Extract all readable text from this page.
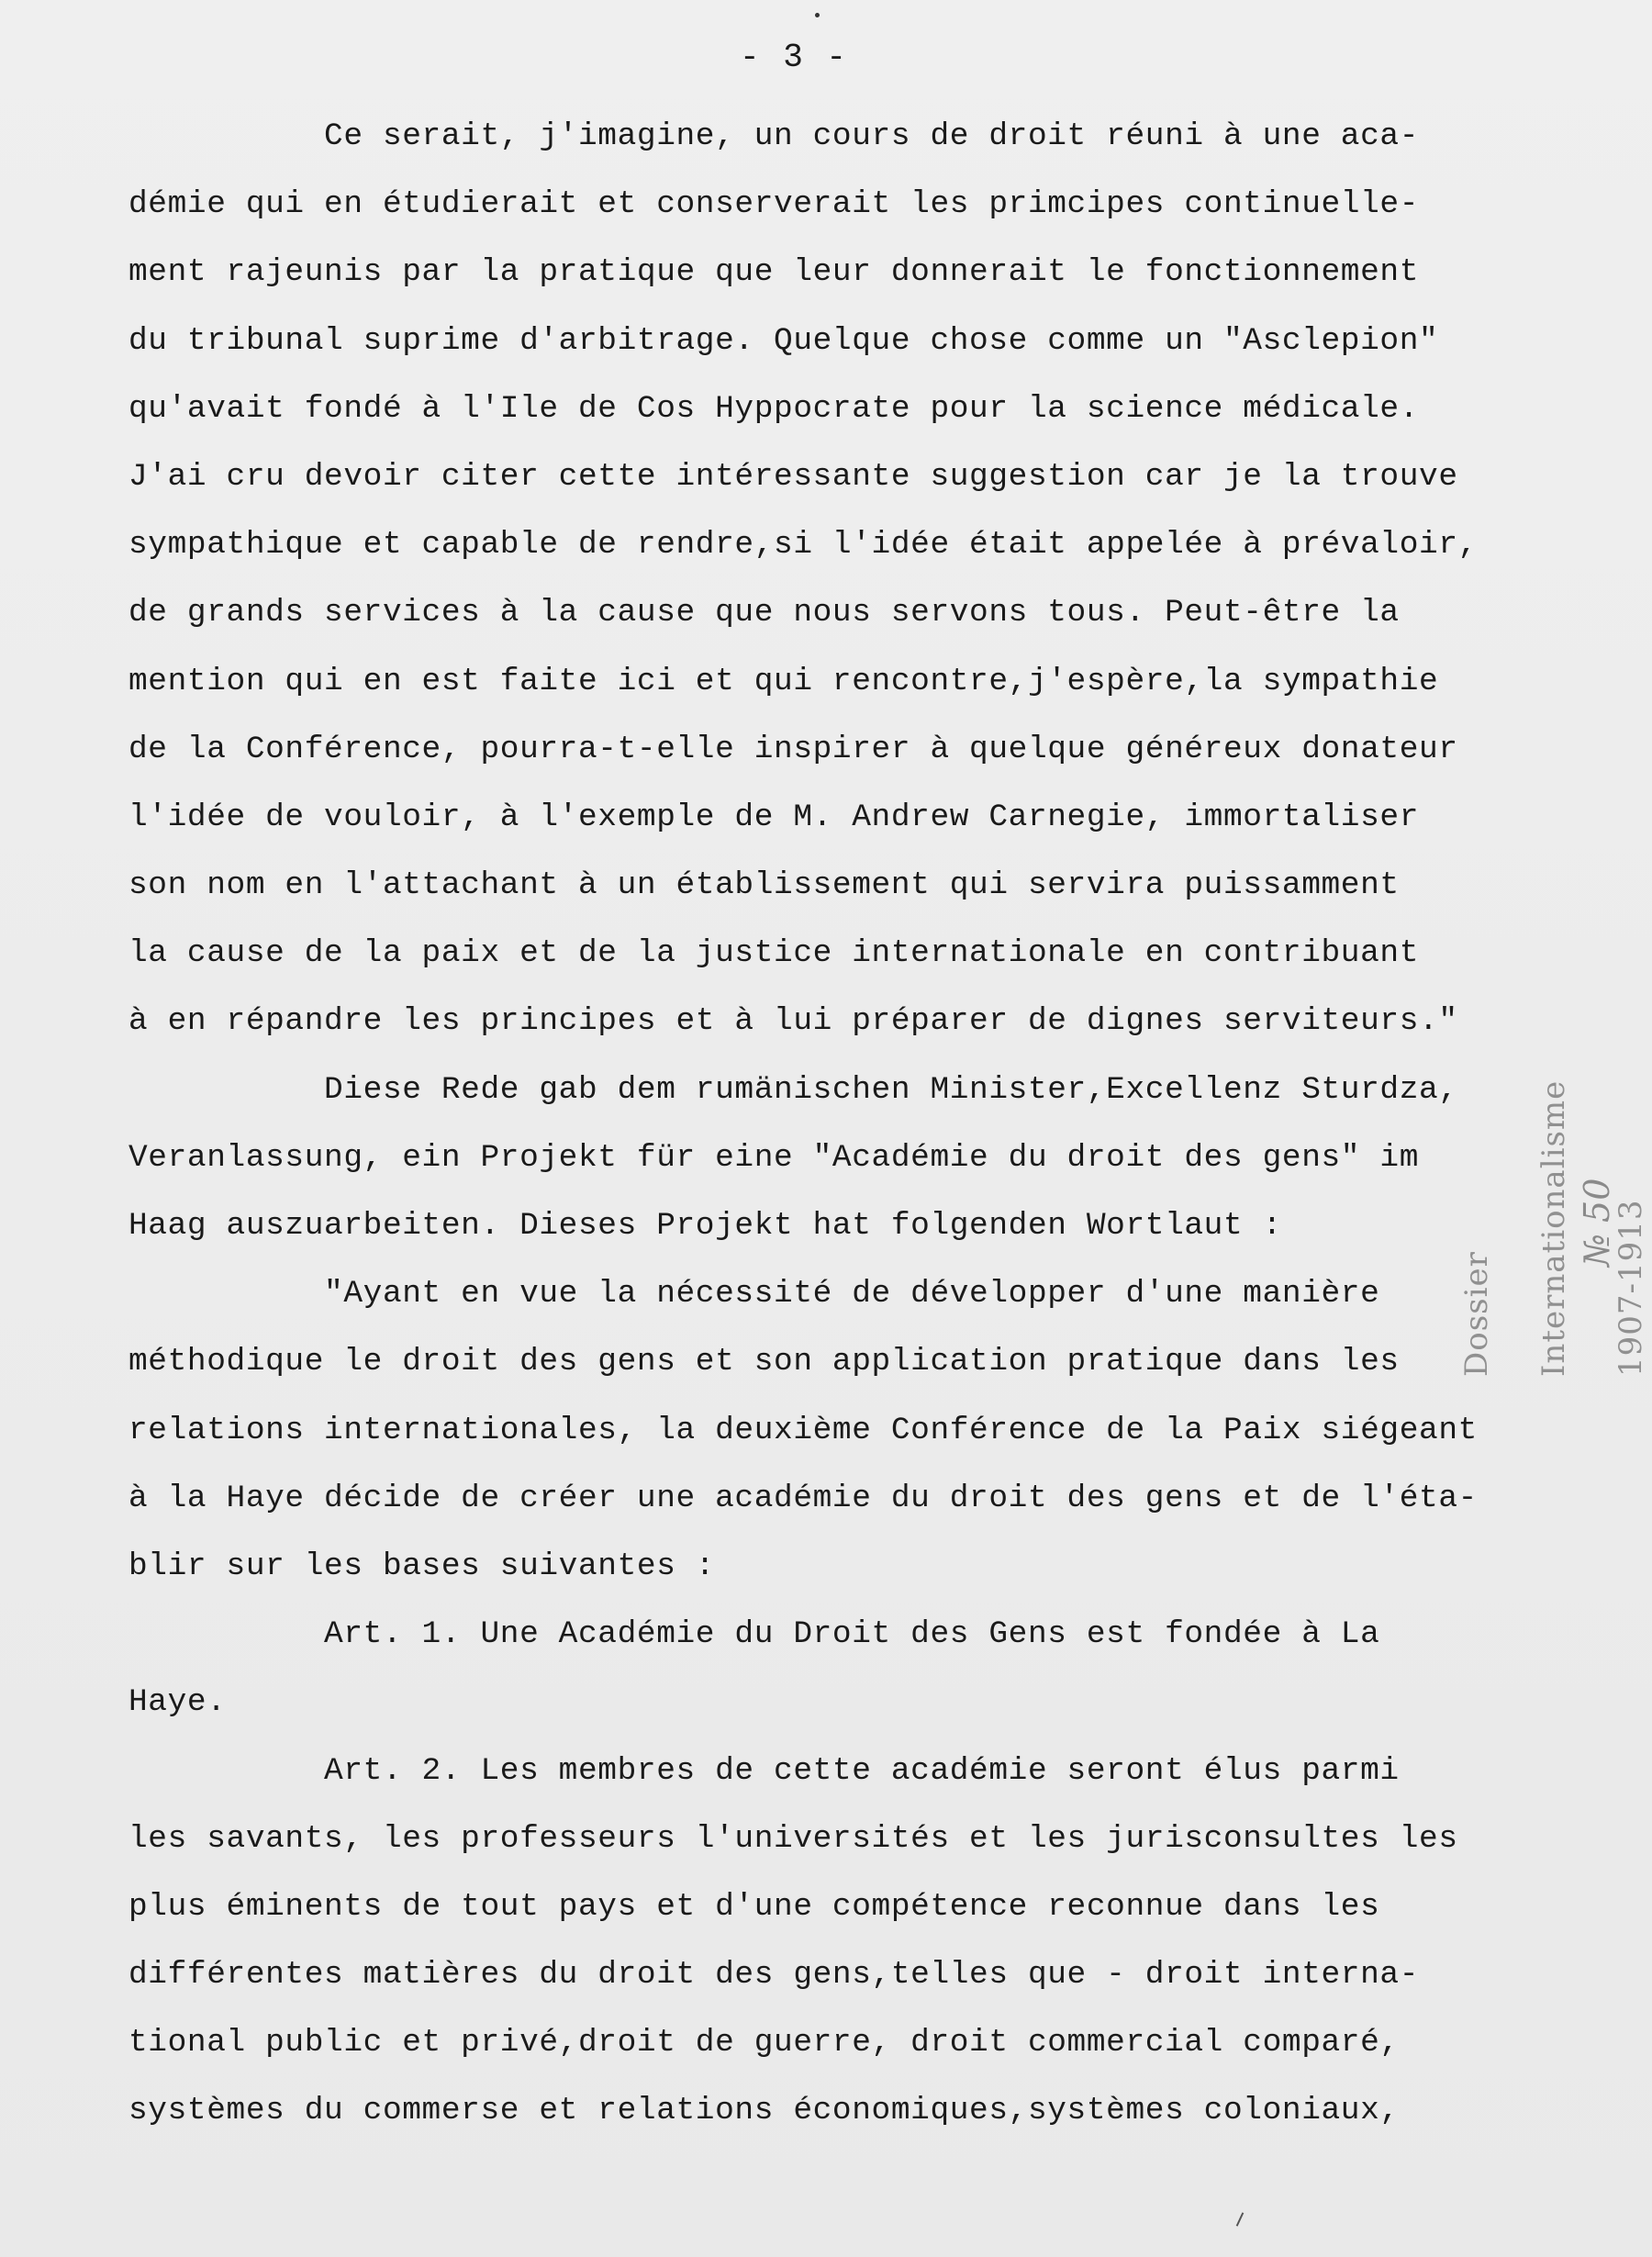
- 3 -
Ce serait, j'imagine, un cours de droit réuni à une aca-
démie qui en étudierait et conserverait les primcipes continuelle-
ment rajeunis par la pratique que leur donnerait le fonctionnement
du tribunal suprime d'arbitrage. Quelque chose comme un "Asclepion"
qu'avait fondé à l'Ile de Cos Hyppocrate pour la science médicale.
J'ai cru devoir citer cette intéressante suggestion car je la trouve
sympathique et capable de rendre,si l'idée était appelée à prévaloir,
de grands services à la cause que nous servons tous. Peut-être la
mention qui en est faite ici et qui rencontre,j'espère,la sympathie
de la Conférence, pourra-t-elle inspirer à quelque généreux donateur
l'idée de vouloir, à l'exemple de M. Andrew Carnegie, immortaliser
son nom en l'attachant à un établissement qui servira puissamment
la cause de la paix et de la justice internationale en contribuant
à en répandre les principes et à lui préparer de dignes serviteurs."
Diese Rede gab dem rumänischen Minister,Excellenz Sturdza,
Veranlassung, ein Projekt für eine "Académie du droit des gens" im
Haag auszuarbeiten. Dieses Projekt hat folgenden Wortlaut :
"Ayant en vue la nécessité de développer d'une manière
méthodique le droit des gens et son application pratique dans les
relations internationales, la deuxième Conférence de la Paix siégeant
à la Haye décide de créer une académie du droit des gens et de l'éta-
blir sur les bases suivantes :
Art. 1. Une Académie du Droit des Gens est fondée à La
Haye.
Art. 2. Les membres de cette académie seront élus parmi
les savants, les professeurs l'universités et les jurisconsultes les
plus éminents de tout pays et d'une compétence reconnue dans les
différentes matières du droit des gens,telles que - droit interna-
tional public et privé,droit de guerre, droit commercial comparé,
systèmes du commerse et relations économiques,systèmes coloniaux,

Dossier

Internationalisme

1907-1913

№ 50
